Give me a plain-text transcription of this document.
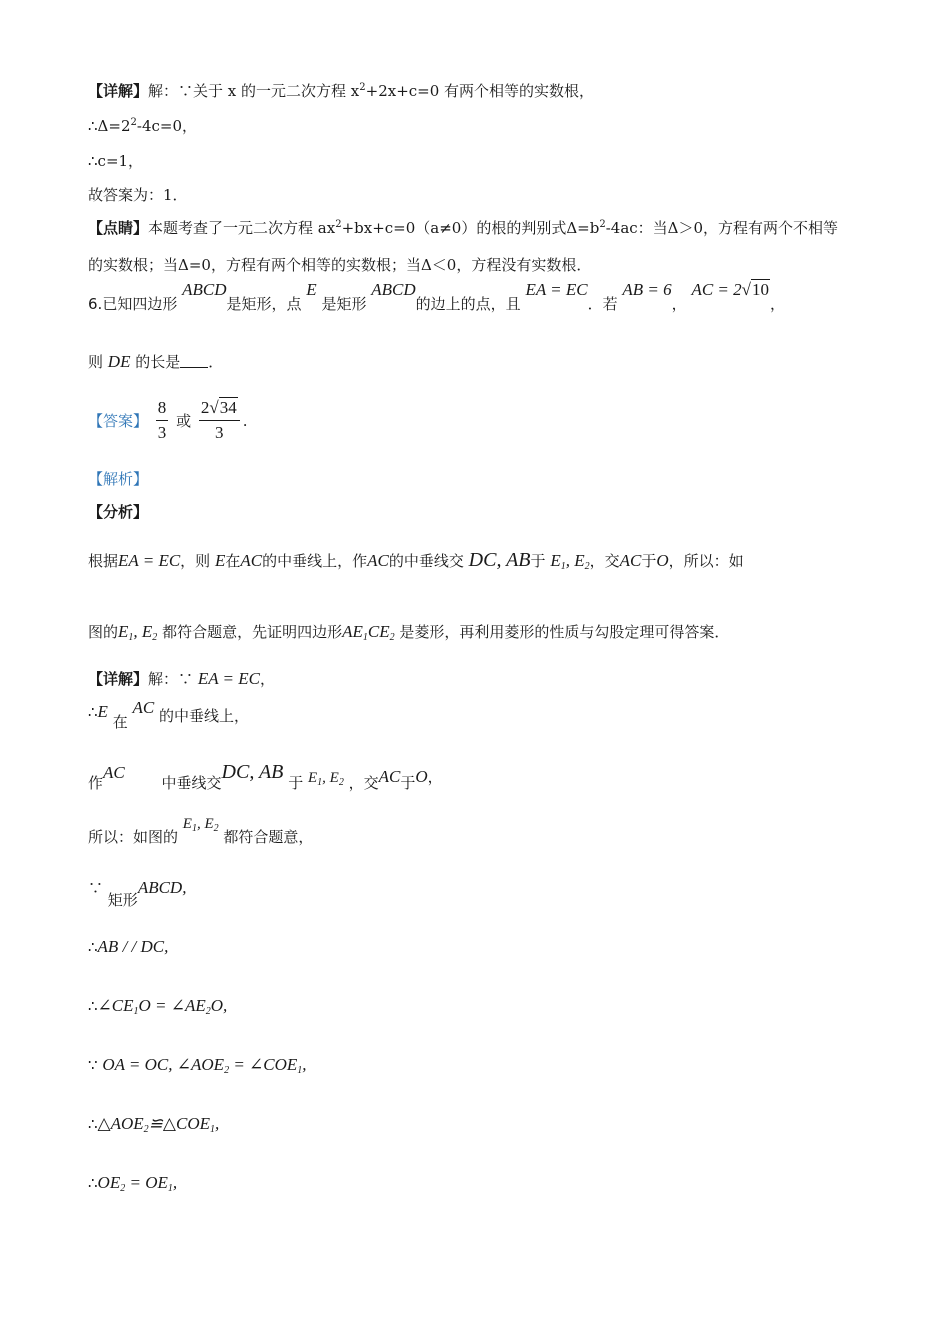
【详解】解：∵关于 x 的一元二次方程 $x^2+2x+c=0$ 有两个相等的实数根，
$\therefore\Delta=2^2-4c=0$，
∴c=1，
故答案为：1．
【点睛】本题考查了一元二次方程 $ax^2+bx+c=0(a\ne 0)$的根的判别式$\Delta=b^2-4ac$：当Δ＞0，方程有两个不相等
的实数根；当Δ=0，方程有两个相等的实数根；当Δ＜0，方程没有实数根．
6.已知四边形 ABCD是矩形，点 E 是矩形 ABCD的边上的点，且 EA = EC．若 AB = 6， AC = 2√10，
则 DE 的长是 ．
【答案】 $\frac{8}{3}$ 或 $\frac{2√34}{3}$ .
【解析】
【分析】
根据EA = EC，则 E在AC的中垂线上，作AC的中垂线交 DC, AB于 $E_1$, $E_2$，交AC于O，所以：如
图的$E_1$, $E_2$ 都符合题意，先证明四边形$AE_1CE_2$ 是菱形，再利用菱形的性质与勾股定理可得答案．
【详解】解：∵ EA = EC，
∴E 在 AC 的中垂线上，
作AC 中垂线交DC, AB 于 $E_1$, $E_2$ ，交AC于O，
所以：如图的 $E_1$, $E_2$ 都符合题意，
∵ 矩形ABCD,
∴AB / / DC,
$\therefore\angle CE_1O$ = $\angle AE_2O$,
∵ OA = OC, $\angle AOE_2$ = $\angle COE_1$,
$\therefore\triangle AOE_2≌\triangle COE_1$,
$\therefore OE_2 = OE_1$,
